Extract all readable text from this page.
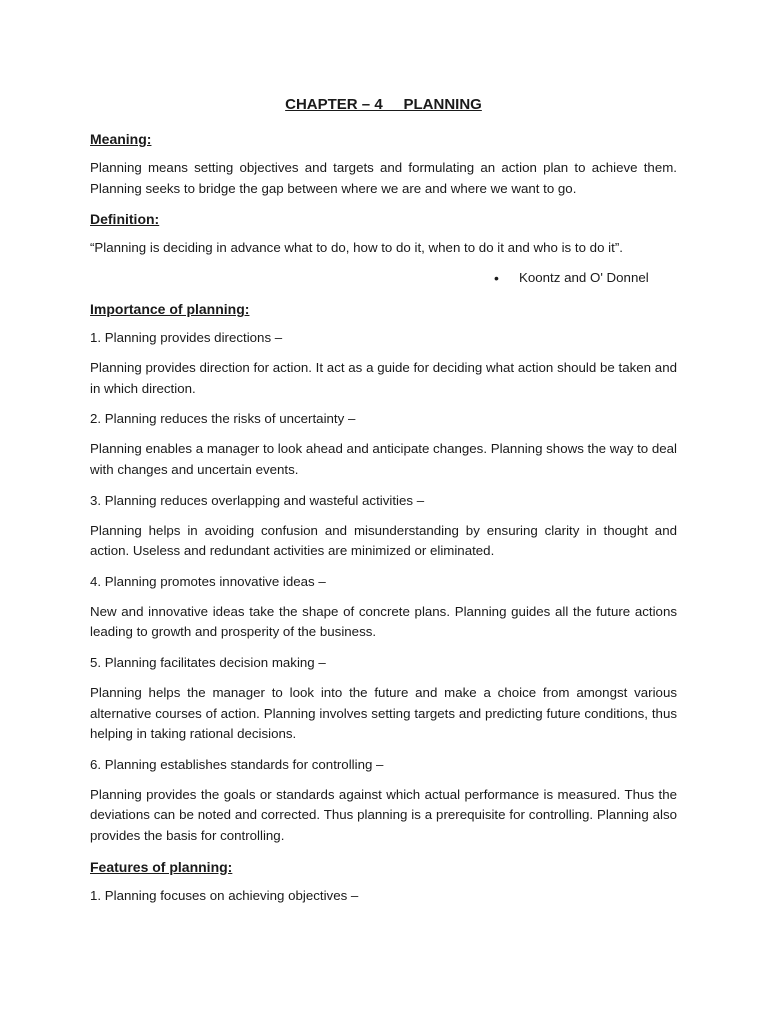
CHAPTER – 4     PLANNING
Meaning:
Planning means setting objectives and targets and formulating an action plan to achieve them. Planning seeks to bridge the gap between where we are and where we want to go.
Definition:
“Planning is deciding in advance what to do, how to do it, when to do it and who is to do it”.
• Koontz and O' Donnel
Importance of planning:
1. Planning provides directions –
Planning provides direction for action. It act as a guide for deciding what action should be taken and in which direction.
2. Planning reduces the risks of uncertainty –
Planning enables a manager to look ahead and anticipate changes. Planning shows the way to deal with changes and uncertain events.
3. Planning reduces overlapping and wasteful activities –
Planning helps in avoiding confusion and misunderstanding by ensuring clarity in thought and action. Useless and redundant activities are minimized or eliminated.
4. Planning promotes innovative ideas –
New and innovative ideas take the shape of concrete plans. Planning guides all the future actions leading to growth and prosperity of the business.
5. Planning facilitates decision making –
Planning helps the manager to look into the future and make a choice from amongst various alternative courses of action. Planning involves setting targets and predicting future conditions, thus helping in taking rational decisions.
6. Planning establishes standards for controlling –
Planning provides the goals or standards against which actual performance is measured. Thus the deviations can be noted and corrected. Thus planning is a prerequisite for controlling. Planning also provides the basis for controlling.
Features of planning:
1. Planning focuses on achieving objectives –
